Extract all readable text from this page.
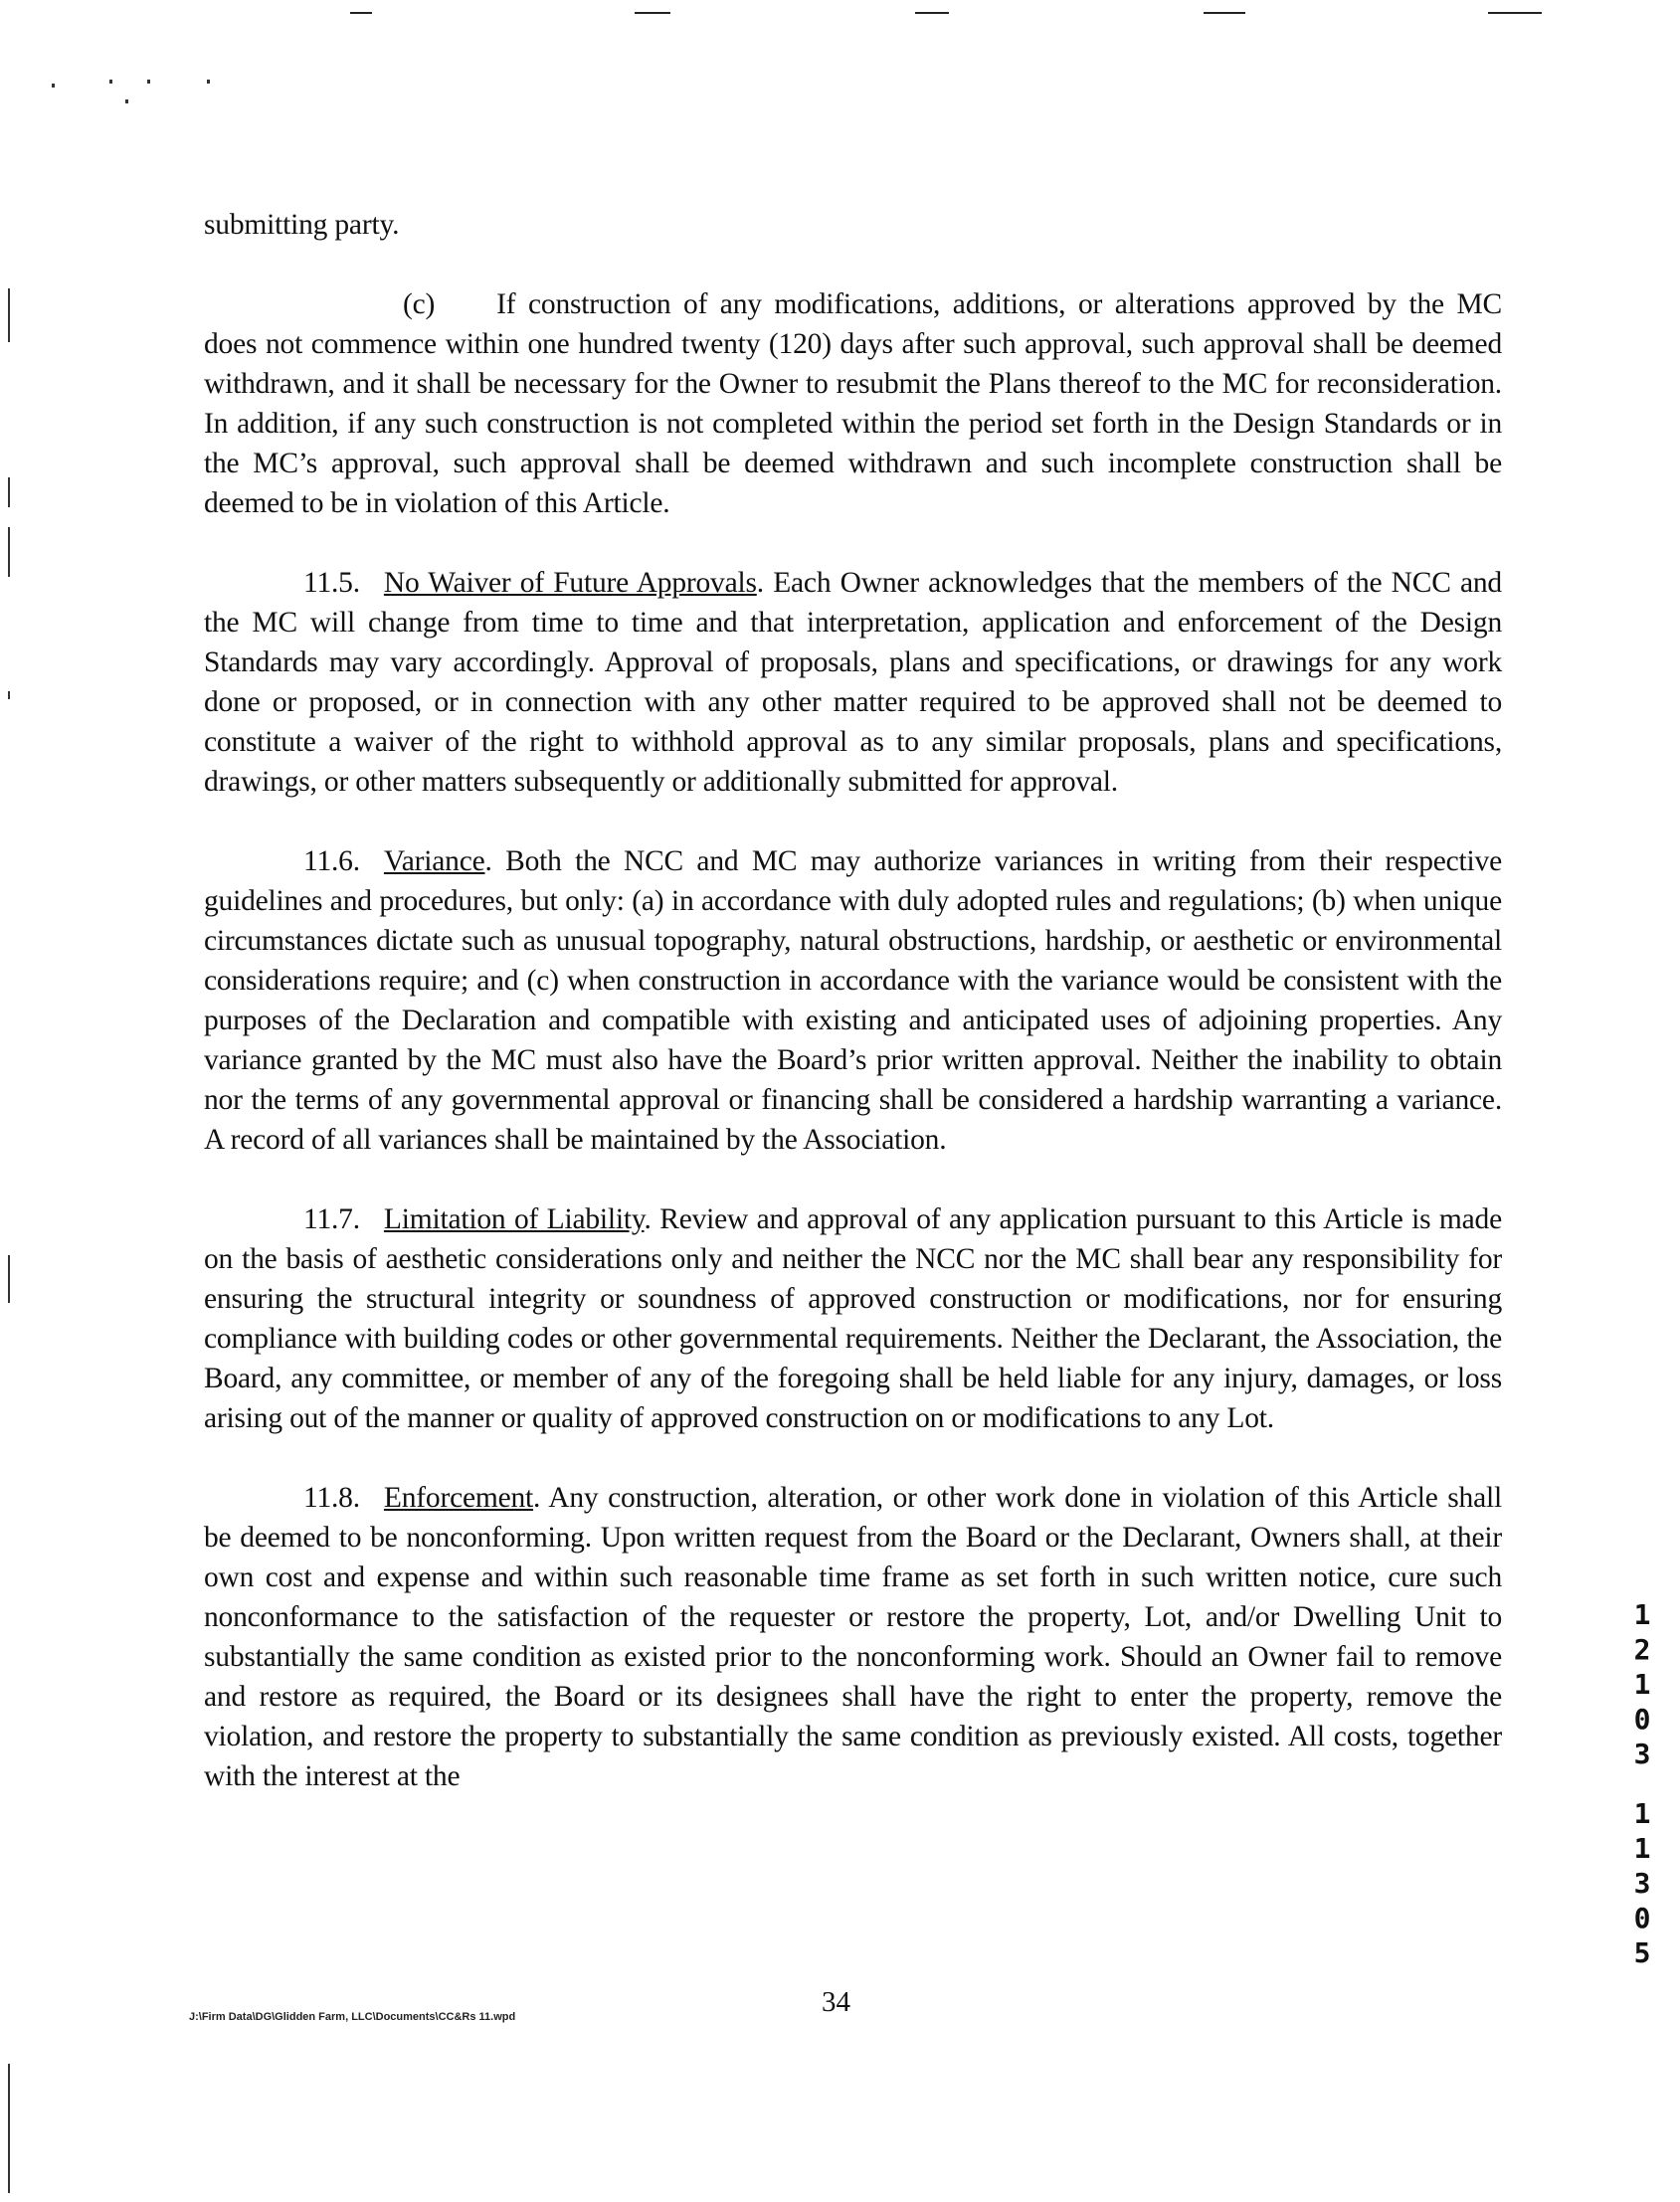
submitting party.

(c) If construction of any modifications, additions, or alterations approved by the MC does not commence within one hundred twenty (120) days after such approval, such approval shall be deemed withdrawn, and it shall be necessary for the Owner to resubmit the Plans thereof to the MC for reconsideration. In addition, if any such construction is not completed within the period set forth in the Design Standards or in the MC’s approval, such approval shall be deemed withdrawn and such incomplete construction shall be deemed to be in violation of this Article.

11.5. No Waiver of Future Approvals. Each Owner acknowledges that the members of the NCC and the MC will change from time to time and that interpretation, application and enforcement of the Design Standards may vary accordingly. Approval of proposals, plans and specifications, or drawings for any work done or proposed, or in connection with any other matter required to be approved shall not be deemed to constitute a waiver of the right to withhold approval as to any similar proposals, plans and specifications, drawings, or other matters subsequently or additionally submitted for approval.

11.6. Variance. Both the NCC and MC may authorize variances in writing from their respective guidelines and procedures, but only: (a) in accordance with duly adopted rules and regulations; (b) when unique circumstances dictate such as unusual topography, natural obstructions, hardship, or aesthetic or environmental considerations require; and (c) when construction in accordance with the variance would be consistent with the purposes of the Declaration and compatible with existing and anticipated uses of adjoining properties. Any variance granted by the MC must also have the Board’s prior written approval. Neither the inability to obtain nor the terms of any governmental approval or financing shall be considered a hardship warranting a variance. A record of all variances shall be maintained by the Association.

11.7. Limitation of Liability. Review and approval of any application pursuant to this Article is made on the basis of aesthetic considerations only and neither the NCC nor the MC shall bear any responsibility for ensuring the structural integrity or soundness of approved construction or modifications, nor for ensuring compliance with building codes or other governmental requirements. Neither the Declarant, the Association, the Board, any committee, or member of any of the foregoing shall be held liable for any injury, damages, or loss arising out of the manner or quality of approved construction on or modifications to any Lot.

11.8. Enforcement. Any construction, alteration, or other work done in violation of this Article shall be deemed to be nonconforming. Upon written request from the Board or the Declarant, Owners shall, at their own cost and expense and within such reasonable time frame as set forth in such written notice, cure such nonconformance to the satisfaction of the requester or restore the property, Lot, and/or Dwelling Unit to substantially the same condition as existed prior to the nonconforming work. Should an Owner fail to remove and restore as required, the Board or its designees shall have the right to enter the property, remove the violation, and restore the property to substantially the same condition as previously existed. All costs, together with the interest at the

1
2
1
0
3
1
1
3
0
5
J:\Firm Data\DG\Glidden Farm, LLC\Documents\CC&Rs 11.wpd	34
